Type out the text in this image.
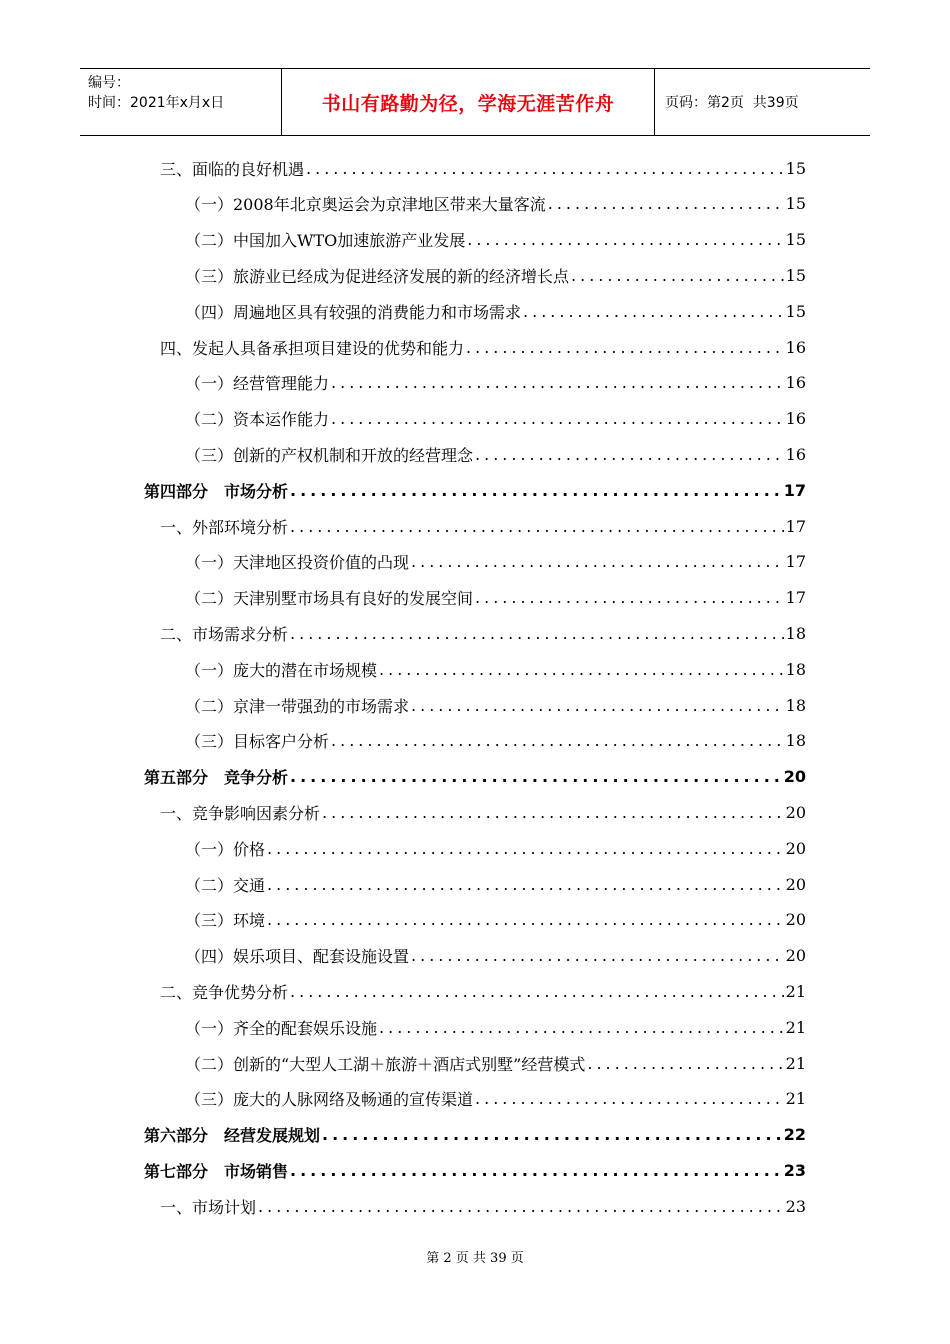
编号：
时间：2021年x月x日	书山有路勤为径，学海无涯苦作舟	页码：第2页  共39页
三、面临的良好机遇 .....	15
（一）2008年北京奥运会为京津地区带来大量客流 .....	15
（二）中国加入WTO加速旅游产业发展 .....	15
（三）旅游业已经成为促进经济发展的新的经济增长点 .....	15
（四）周遍地区具有较强的消费能力和市场需求 .....	15
四、发起人具备承担项目建设的优势和能力 .....	16
（一）经营管理能力 .....	16
（二）资本运作能力 .....	16
（三）创新的产权机制和开放的经营理念 .....	16
第四部分　市场分析 .....	17
一、外部环境分析 .....	17
（一）天津地区投资价值的凸现 .....	17
（二）天津别墅市场具有良好的发展空间 .....	17
二、市场需求分析 .....	18
（一）庞大的潜在市场规模 .....	18
（二）京津一带强劲的市场需求 .....	18
（三）目标客户分析 .....	18
第五部分　竞争分析 .....	20
一、竞争影响因素分析 .....	20
（一）价格 .....	20
（二）交通 .....	20
（三）环境 .....	20
（四）娱乐项目、配套设施设置 .....	20
二、竞争优势分析 .....	21
（一）齐全的配套娱乐设施 .....	21
（二）创新的“大型人工湖＋旅游＋酒店式别墅”经营模式 .....	21
（三）庞大的人脉网络及畅通的宣传渠道 .....	21
第六部分　经营发展规划 .....	22
第七部分　市场销售 .....	23
一、市场计划 .....	23
第 2 页 共 39 页
